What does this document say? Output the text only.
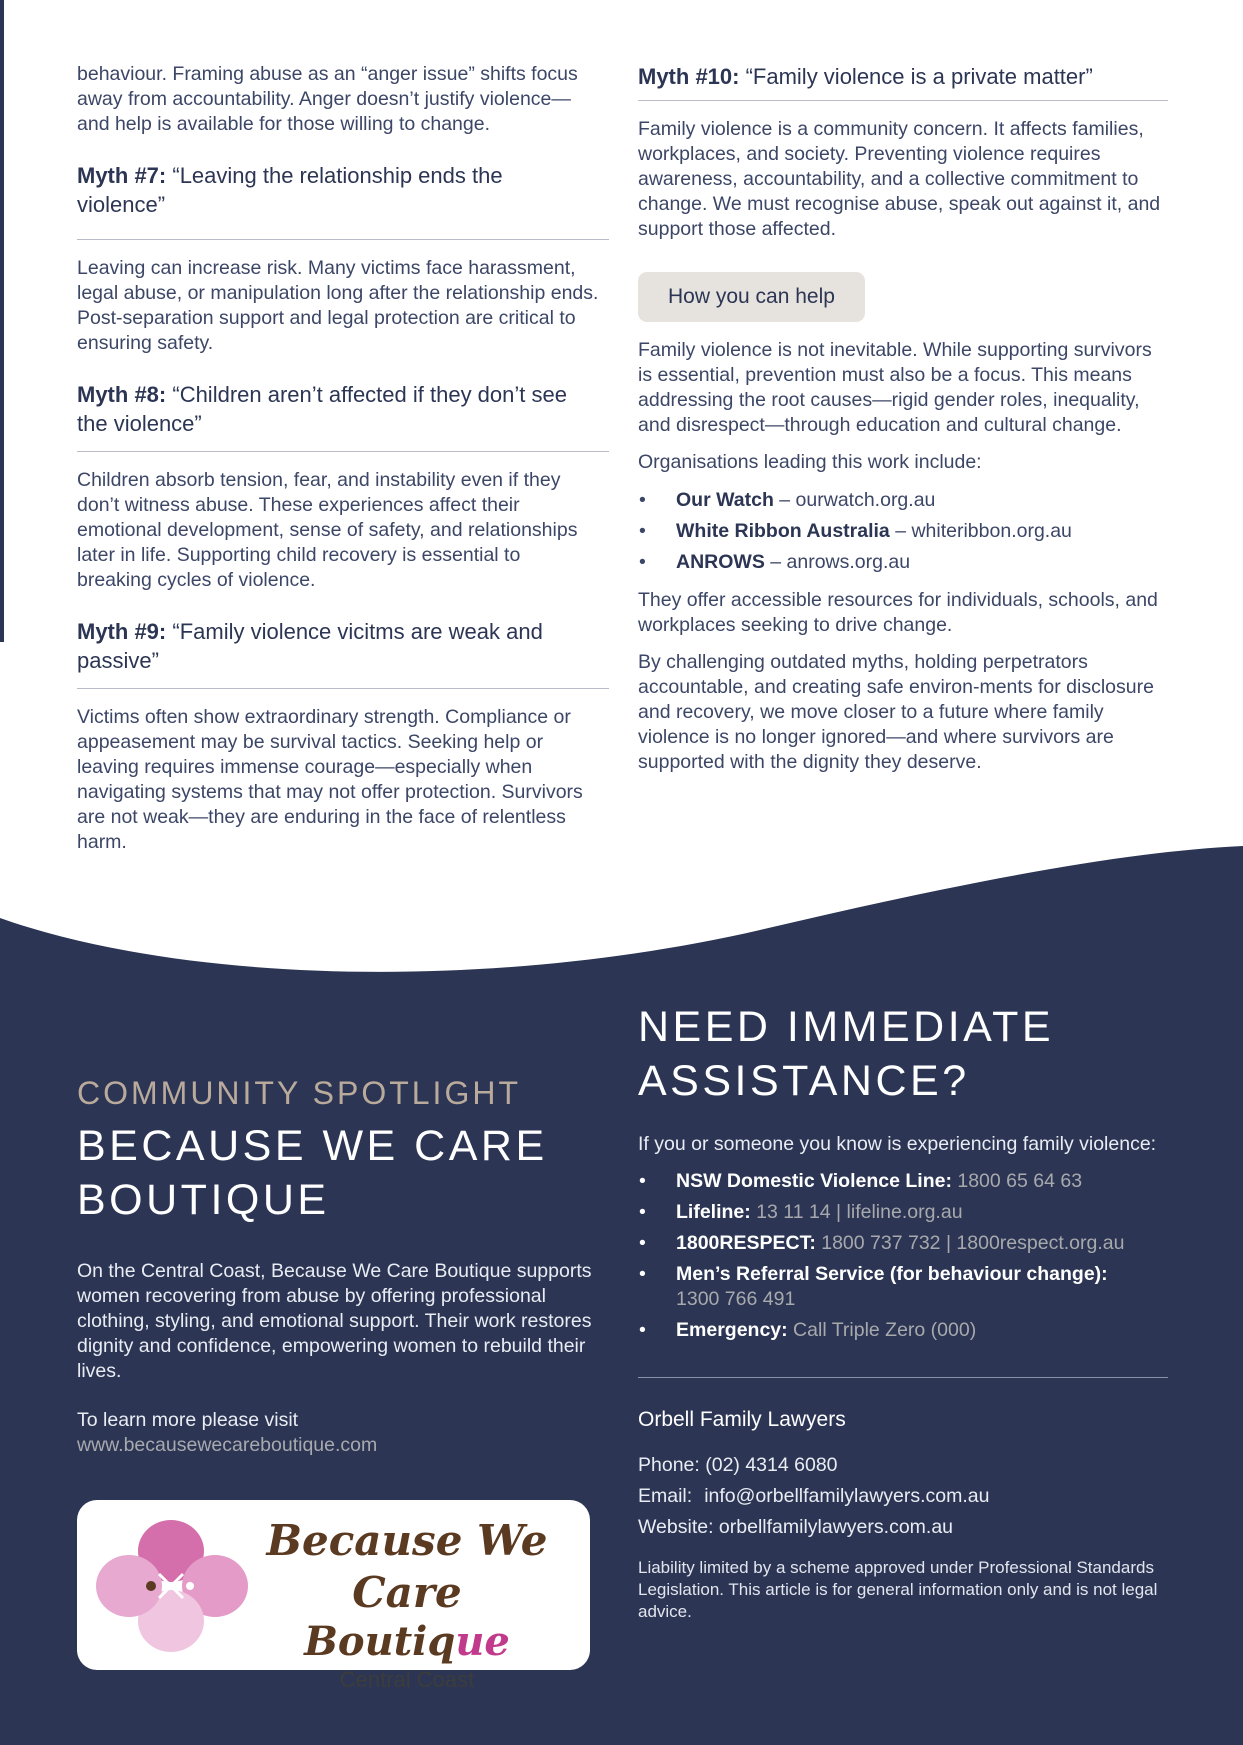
behaviour. Framing abuse as an “anger issue” shifts focus away from accountability. Anger doesn’t justify violence—and help is available for those willing to change.

Myth #7: “Leaving the relationship ends the violence”

Leaving can increase risk. Many victims face harassment, legal abuse, or manipulation long after the relationship ends. Post-separation support and legal protection are critical to ensuring safety.

Myth #8: “Children aren’t affected if they don’t see the violence”

Children absorb tension, fear, and instability even if they don’t witness abuse. These experiences affect their emotional development, sense of safety, and relationships later in life. Supporting child recovery is essential to breaking cycles of violence.

Myth #9: “Family violence vicitms are weak and passive”

Victims often show extraordinary strength. Compliance or appeasement may be survival tactics. Seeking help or leaving requires immense courage—especially when navigating systems that may not offer protection. Survivors are not weak—they are enduring in the face of relentless harm.

Myth #10: “Family violence is a private matter”

Family violence is a community concern. It affects families, workplaces, and society. Preventing violence requires awareness, accountability, and a collective commitment to change. We must recognise abuse, speak out against it, and support those affected.

How you can help

Family violence is not inevitable. While supporting survivors is essential, prevention must also be a focus. This means addressing the root causes—rigid gender roles, inequality, and disrespect—through education and cultural change.

Organisations leading this work include:

• Our Watch – ourwatch.org.au
• White Ribbon Australia – whiteribbon.org.au
• ANROWS – anrows.org.au

They offer accessible resources for individuals, schools, and workplaces seeking to drive change.

By challenging outdated myths, holding perpetrators accountable, and creating safe environ-ments for disclosure and recovery, we move closer to a future where family violence is no longer ignored—and where survivors are supported with the dignity they deserve.

COMMUNITY SPOTLIGHT
BECAUSE WE CARE
BOUTIQUE

On the Central Coast, Because We Care Boutique supports women recovering from abuse by offering professional clothing, styling, and emotional support. Their work restores dignity and confidence, empowering women to rebuild their lives.

To learn more please visit

www.becausewecareboutique.com

Because We Care
Boutique
Central Coast
NEED IMMEDIATE
ASSISTANCE?

If you or someone you know is experiencing family violence:

• NSW Domestic Violence Line: 1800 65 64 63
• Lifeline: 13 11 14 | lifeline.org.au
• 1800RESPECT: 1800 737 732 | 1800respect.org.au
• Men’s Referral Service (for behaviour change):
1300 766 491
• Emergency: Call Triple Zero (000)
Orbell Family Lawyers
Phone: (02) 4314 6080
Email: info@orbellfamilylawyers.com.au
Website: orbellfamilylawyers.com.au

Liability limited by a scheme approved under Professional Standards Legislation. This article is for general information only and is not legal advice.
